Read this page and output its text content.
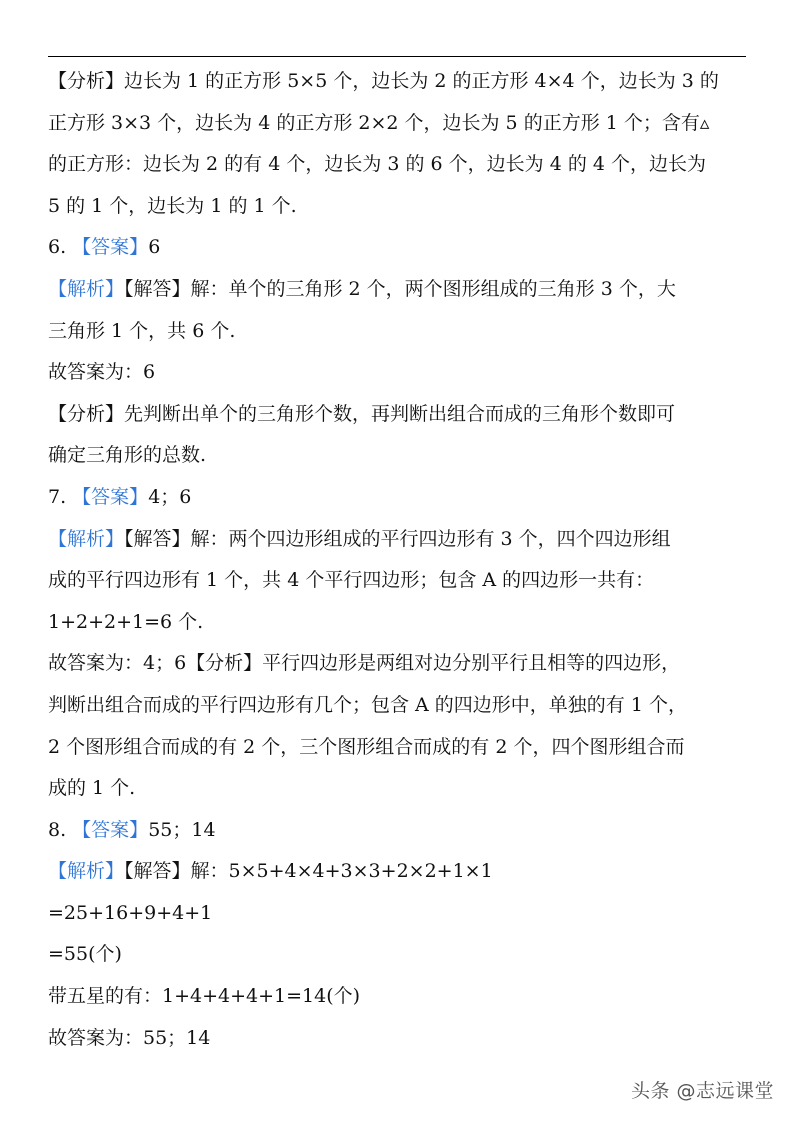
【分析】边长为 1 的正方形 5×5 个，边长为 2 的正方形 4×4 个，边长为 3 的
正方形 3×3 个，边长为 4 的正方形 2×2 个，边长为 5 的正方形 1 个；含有▵
的正方形：边长为 2 的有 4 个，边长为 3 的 6 个，边长为 4 的 4 个，边长为
5 的 1 个，边长为 1 的 1 个.
6. 【答案】6
【解析】【解答】解：单个的三角形 2 个，两个图形组成的三角形 3 个，大
三角形 1 个，共 6 个.
故答案为：6
【分析】先判断出单个的三角形个数，再判断出组合而成的三角形个数即可
确定三角形的总数.
7. 【答案】4；6
【解析】【解答】解：两个四边形组成的平行四边形有 3 个，四个四边形组
成的平行四边形有 1 个，共 4 个平行四边形；包含 A 的四边形一共有：
1+2+2+1=6 个.
故答案为：4；6【分析】平行四边形是两组对边分别平行且相等的四边形，
判断出组合而成的平行四边形有几个；包含 A 的四边形中，单独的有 1 个，
2 个图形组合而成的有 2 个，三个图形组合而成的有 2 个，四个图形组合而
成的 1 个.
8. 【答案】55；14
【解析】【解答】解：5×5+4×4+3×3+2×2+1×1
=25+16+9+4+1
=55(个)
带五星的有：1+4+4+4+1=14(个)
故答案为：55；14
头条 @志远课堂
